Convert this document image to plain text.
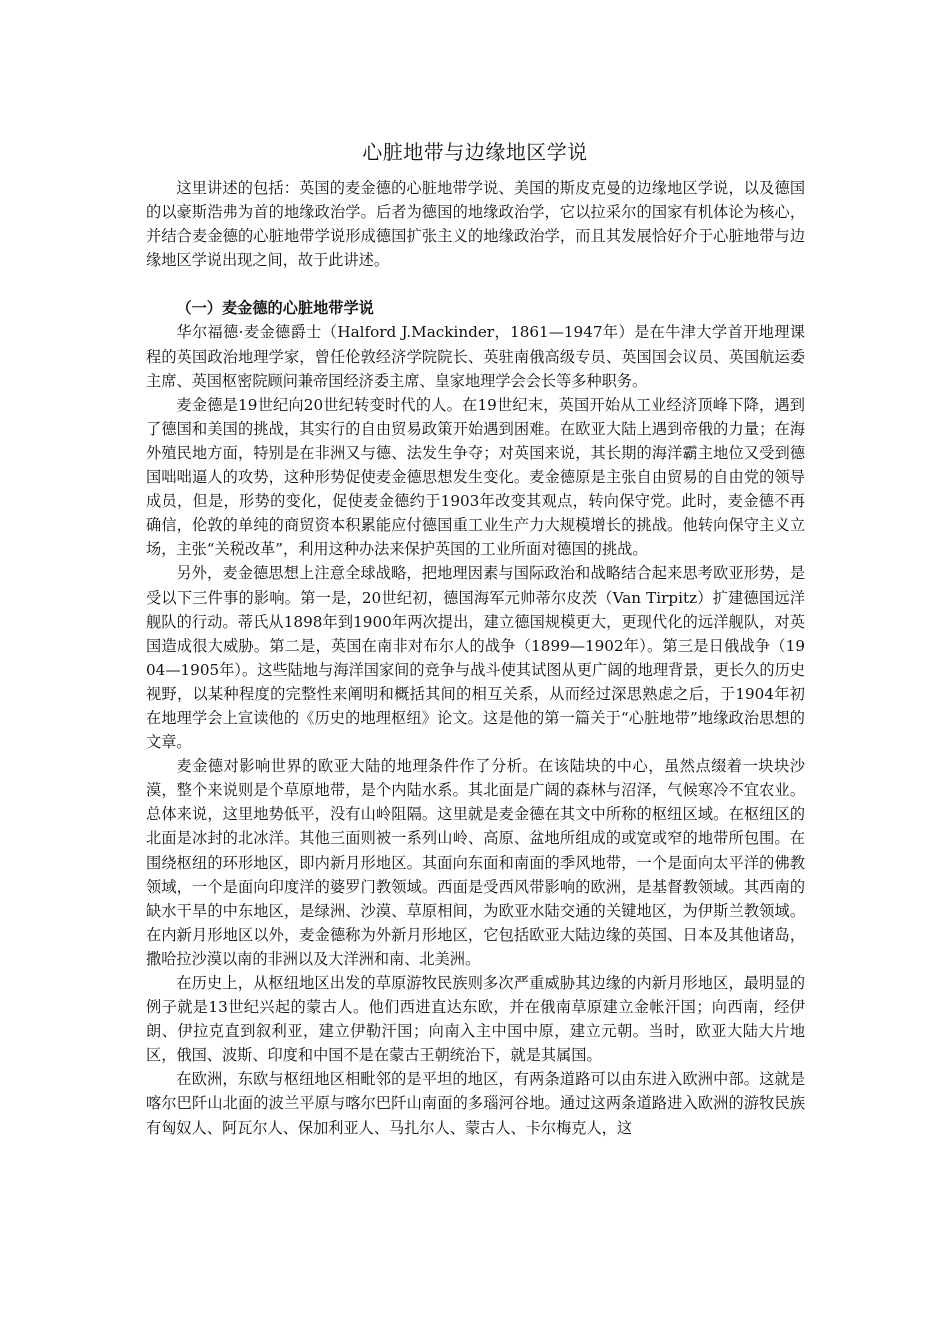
心脏地带与边缘地区学说

这里讲述的包括：英国的麦金德的心脏地带学说、美国的斯皮克曼的边缘地区学说，以及德国的以豪斯浩弗为首的地缘政治学。后者为德国的地缘政治学，它以拉采尔的国家有机体论为核心，并结合麦金德的心脏地带学说形成德国扩张主义的地缘政治学，而且其发展恰好介于心脏地带与边缘地区学说出现之间，故于此讲述。

（一）麦金德的心脏地带学说

华尔福德·麦金德爵士（Halford J.Mackinder，1861—1947年）是在牛津大学首开地理课程的英国政治地理学家，曾任伦敦经济学院院长、英驻南俄高级专员、英国国会议员、英国航运委主席、英国枢密院顾问兼帝国经济委主席、皇家地理学会会长等多种职务。

麦金德是19世纪向20世纪转变时代的人。在19世纪末，英国开始从工业经济顶峰下降，遇到了德国和美国的挑战，其实行的自由贸易政策开始遇到困难。在欧亚大陆上遇到帝俄的力量；在海外殖民地方面，特别是在非洲又与德、法发生争夺；对英国来说，其长期的海洋霸主地位又受到德国咄咄逼人的攻势，这种形势促使麦金德思想发生变化。麦金德原是主张自由贸易的自由党的领导成员，但是，形势的变化，促使麦金德约于1903年改变其观点，转向保守党。此时，麦金德不再确信，伦敦的单纯的商贸资本积累能应付德国重工业生产力大规模增长的挑战。他转向保守主义立场，主张“关税改革”，利用这种办法来保护英国的工业所面对德国的挑战。

另外，麦金德思想上注意全球战略，把地理因素与国际政治和战略结合起来思考欧亚形势，是受以下三件事的影响。第一是，20世纪初，德国海军元帅蒂尔皮茨（Van Tirpitz）扩建德国远洋舰队的行动。蒂氏从1898年到1900年两次提出，建立德国规模更大，更现代化的远洋舰队，对英国造成很大威胁。第二是，英国在南非对布尔人的战争（1899—1902年）。第三是日俄战争（1904—1905年）。这些陆地与海洋国家间的竞争与战斗使其试图从更广阔的地理背景，更长久的历史视野，以某种程度的完整性来阐明和概括其间的相互关系，从而经过深思熟虑之后，于1904年初在地理学会上宣读他的《历史的地理枢纽》论文。这是他的第一篇关于“心脏地带”地缘政治思想的文章。

麦金德对影响世界的欧亚大陆的地理条件作了分析。在该陆块的中心，虽然点缀着一块块沙漠，整个来说则是个草原地带，是个内陆水系。其北面是广阔的森林与沼泽，气候寒冷不宜农业。总体来说，这里地势低平，没有山岭阻隔。这里就是麦金德在其文中所称的枢纽区域。在枢纽区的北面是冰封的北冰洋。其他三面则被一系列山岭、高原、盆地所组成的或宽或窄的地带所包围。在围绕枢纽的环形地区，即内新月形地区。其面向东面和南面的季风地带，一个是面向太平洋的佛教领域，一个是面向印度洋的婆罗门教领域。西面是受西风带影响的欧洲，是基督教领域。其西南的缺水干旱的中东地区，是绿洲、沙漠、草原相间，为欧亚水陆交通的关键地区，为伊斯兰教领域。在内新月形地区以外，麦金德称为外新月形地区，它包括欧亚大陆边缘的英国、日本及其他诸岛，撒哈拉沙漠以南的非洲以及大洋洲和南、北美洲。

在历史上，从枢纽地区出发的草原游牧民族则多次严重威胁其边缘的内新月形地区，最明显的例子就是13世纪兴起的蒙古人。他们西进直达东欧，并在俄南草原建立金帐汗国；向西南，经伊朗、伊拉克直到叙利亚，建立伊勒汗国；向南入主中国中原，建立元朝。当时，欧亚大陆大片地区，俄国、波斯、印度和中国不是在蒙古王朝统治下，就是其属国。

在欧洲，东欧与枢纽地区相毗邻的是平坦的地区，有两条道路可以由东进入欧洲中部。这就是喀尔巴阡山北面的波兰平原与喀尔巴阡山南面的多瑙河谷地。通过这两条道路进入欧洲的游牧民族有匈奴人、阿瓦尔人、保加利亚人、马扎尔人、蒙古人、卡尔梅克人，这
